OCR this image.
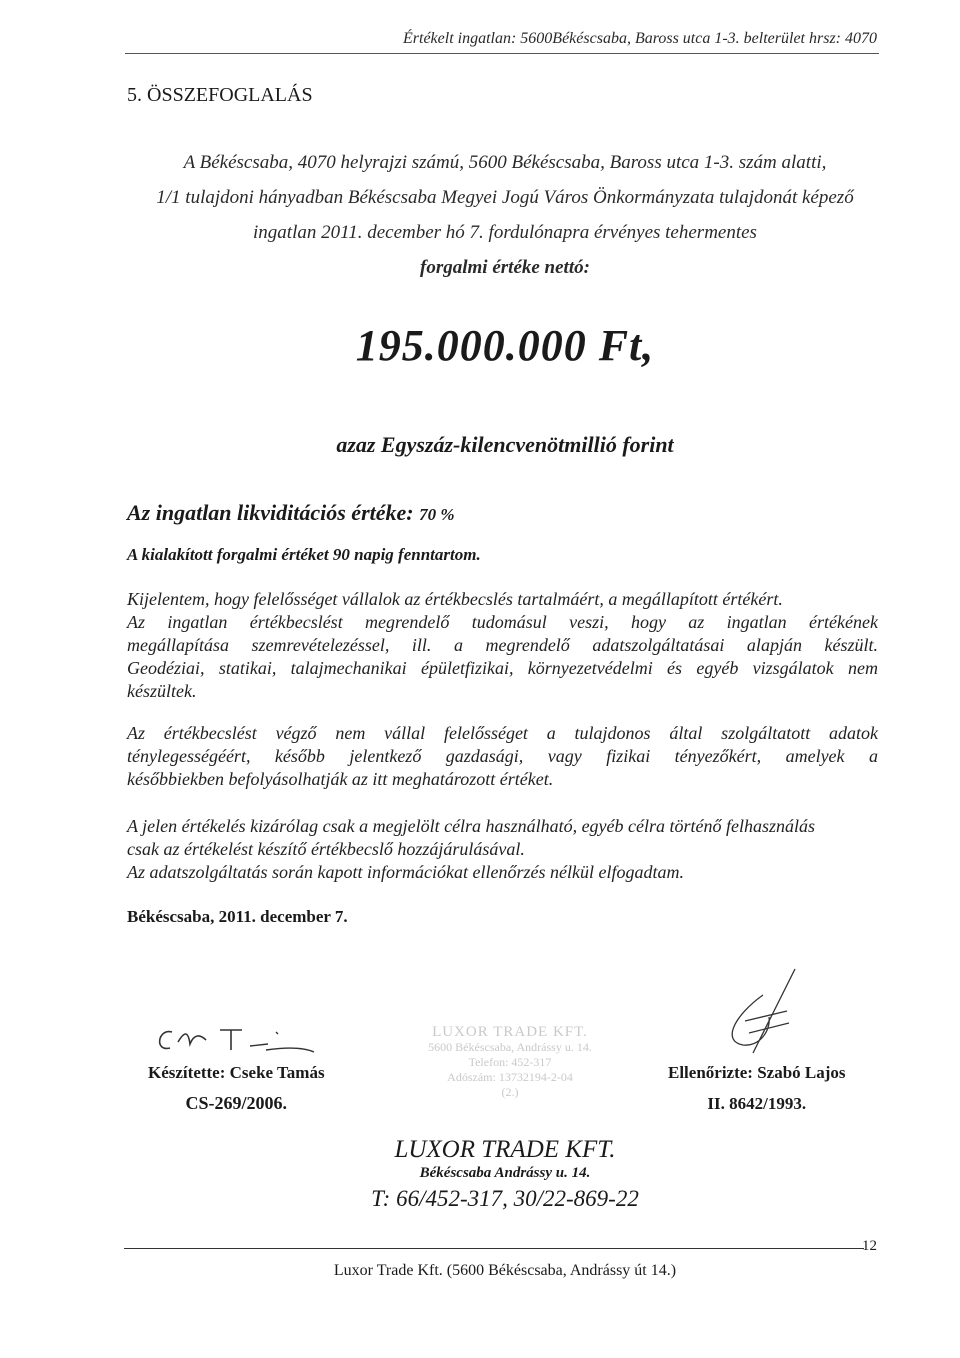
Értékelt ingatlan: 5600Békéscsaba, Baross utca 1-3. belterület hrsz: 4070
5. ÖSSZEFOGLALÁS
A Békéscsaba, 4070 helyrajzi számú, 5600 Békéscsaba, Baross utca 1-3. szám alatti,
1/1 tulajdoni hányadban Békéscsaba Megyei Jogú Város Önkormányzata tulajdonát képező
ingatlan 2011. december hó 7. fordulónapra érvényes tehermentes
forgalmi értéke nettó:
195.000.000 Ft,
azaz Egyszáz-kilencvenötmillió forint
Az ingatlan likviditációs értéke: 70 %
A kialakított forgalmi értéket 90 napig fenntartom.
Kijelentem, hogy felelősséget vállalok az értékbecslés tartalmáért, a megállapított értékért.
Az ingatlan értékbecslést megrendelő tudomásul veszi, hogy az ingatlan értékének
megállapítása szemrevételezéssel, ill. a megrendelő adatszolgáltatásai alapján készült.
Geodéziai, statikai, talajmechanikai épületfizikai, környezetvédelmi és egyéb vizsgálatok nem
készültek.
Az értékbecslést végző nem vállal felelősséget a tulajdonos által szolgáltatott adatok
ténylegességéért, később jelentkező gazdasági, vagy fizikai tényezőkért, amelyek a
későbbiekben befolyásolhatják az itt meghatározott értéket.
A jelen értékelés kizárólag csak a megjelölt célra használható, egyéb célra történő felhasználás
csak az értékelést készítő értékbecslő hozzájárulásával.
Az adatszolgáltatás során kapott információkat ellenőrzés nélkül elfogadtam.
Békéscsaba, 2011. december 7.
Készítette: Cseke Tamás
CS-269/2006.
LUXOR TRADE KFT.
5600 Békéscsaba, Andrássy u. 14.
Telefon: 452-317
Adószám: 13732194-2-04
(2.)
Ellenőrizte: Szabó Lajos
II. 8642/1993.
LUXOR TRADE KFT.
Békéscsaba Andrássy u. 14.
T: 66/452-317, 30/22-869-22
12
Luxor Trade Kft. (5600 Békéscsaba, Andrássy út 14.)
